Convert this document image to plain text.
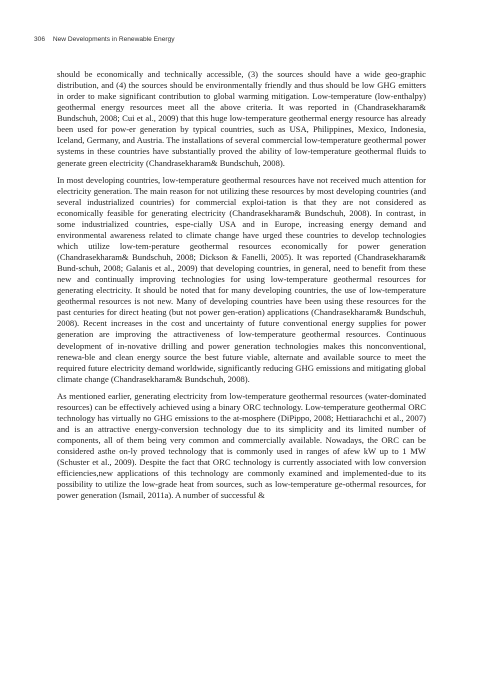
306 New Developments in Renewable Energy

should be economically and technically accessible, (3) the sources should have a wide geo-graphic distribution, and (4) the sources should be environmentally friendly and thus should be low GHG emitters in order to make significant contribution to global warming mitigation. Low-temperature (low-enthalpy) geothermal energy resources meet all the above criteria. It was reported in (Chandrasekharam& Bundschuh, 2008; Cui et al., 2009) that this huge low-temperature geothermal energy resource has already been used for pow-er generation by typical countries, such as USA, Philippines, Mexico, Indonesia, Iceland, Germany, and Austria. The installations of several commercial low-temperature geothermal power systems in these countries have substantially proved the ability of low-temperature geothermal fluids to generate green electricity (Chandrasekharam& Bundschuh, 2008).

In most developing countries, low-temperature geothermal resources have not received much attention for electricity generation. The main reason for not utilizing these resources by most developing countries (and several industrialized countries) for commercial exploi-tation is that they are not considered as economically feasible for generating electricity (Chandrasekharam& Bundschuh, 2008). In contrast, in some industrialized countries, espe-cially USA and in Europe, increasing energy demand and environmental awareness related to climate change have urged these countries to develop technologies which utilize low-tem-perature geothermal resources economically for power generation (Chandrasekharam& Bundschuh, 2008; Dickson & Fanelli, 2005). It was reported (Chandrasekharam& Bund-schuh, 2008; Galanis et al., 2009) that developing countries, in general, need to benefit from these new and continually improving technologies for using low-temperature geothermal resources for generating electricity. It should be noted that for many developing countries, the use of low-temperature geothermal resources is not new. Many of developing countries have been using these resources for the past centuries for direct heating (but not power gen-eration) applications (Chandrasekharam& Bundschuh, 2008). Recent increases in the cost and uncertainty of future conventional energy supplies for power generation are improving the attractiveness of low-temperature geothermal resources. Continuous development of in-novative drilling and power generation technologies makes this nonconventional, renewa-ble and clean energy source the best future viable, alternate and available source to meet the required future electricity demand worldwide, significantly reducing GHG emissions and mitigating global climate change (Chandrasekharam& Bundschuh, 2008).

As mentioned earlier, generating electricity from low-temperature geothermal resources (water-dominated resources) can be effectively achieved using a binary ORC technology. Low-temperature geothermal ORC technology has virtually no GHG emissions to the at-mosphere (DiPippo, 2008; Hettiarachchi et al., 2007) and is an attractive energy-conversion technology due to its simplicity and its limited number of components, all of them being very common and commercially available. Nowadays, the ORC can be considered asthe on-ly proved technology that is commonly used in ranges of afew kW up to 1 MW (Schuster et al., 2009). Despite the fact that ORC technology is currently associated with low conversion efficiencies,new applications of this technology are commonly examined and implemented-due to its possibility to utilize the low-grade heat from sources, such as low-temperature ge-othermal resources, for power generation (Ismail, 2011a). A number of successful &
